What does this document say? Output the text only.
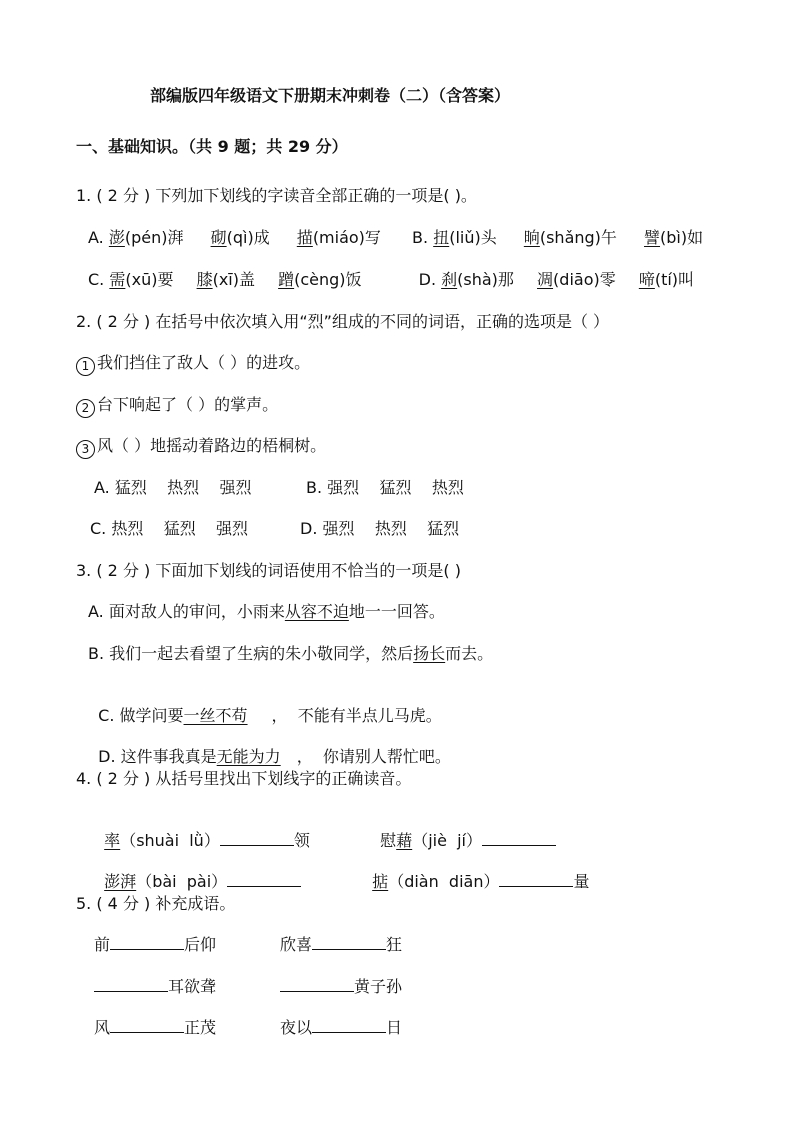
部编版四年级语文下册期末冲刺卷（二）（含答案）
一、基础知识。（共 9 题；共 29 分）
1. ( 2 分 ) 下列加下划线的字读音全部正确的一项是( )。
A. 澎(pén)湃 砌(qì)成 描(miáo)写 B. 扭(liǔ)头 晌(shǎng)午 譬(bì)如
C. 需(xū)要 膝(xī)盖 蹭(cèng)饭	D. 刹(shà)那 凋(diāo)零 啼(tí)叫
2. ( 2 分 ) 在括号中依次填入用“烈”组成的不同的词语，正确的选项是（ ）
1 我们挡住了敌人（ ）的进攻。
2 台下响起了（ ）的掌声。
3 风（ ）地摇动着路边的梧桐树。
A. 猛烈    热烈    强烈	B. 强烈    猛烈    热烈
C. 热烈    猛烈    强烈	D. 强烈    热烈    猛烈
3. ( 2 分 ) 下面加下划线的词语使用不恰当的一项是( )
A. 面对敌人的审问，小雨来从容不迫地一一回答。
B. 我们一起去看望了生病的朱小敬同学，然后扬长而去。

C. 做学问要一丝不苟 ，  不能有半点儿马虎。

D. 这件事我真是无能为力 ，  你请别人帮忙吧。

4. ( 2 分 ) 从括号里找出下划线字的正确读音。

率（shuài  lǜ）	领	慰藉（jiè  jí）

澎湃（bài  pài）	掂（diàn  diān）	量

5. ( 4 分 ) 补充成语。
前	后仰	欣喜	狂
耳欲聋	黄子孙
风	正茂	夜以	日
